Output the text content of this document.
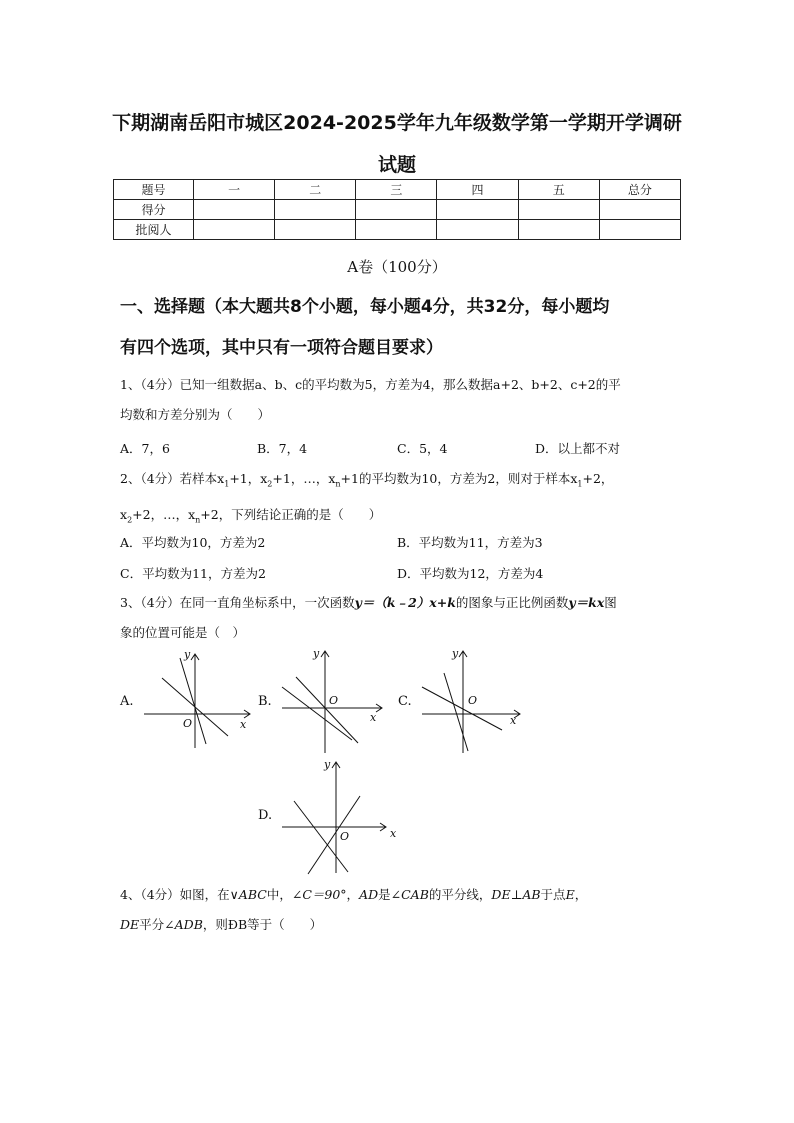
下期湖南岳阳市城区2024-2025学年九年级数学第一学期开学调研
试题
题号	一	二	三	四	五	总分
得分						
批阅人						
A卷（100分）
一、选择题（本大题共8个小题，每小题4分，共32分，每小题均
有四个选项，其中只有一项符合题目要求）
1、（4分）已知一组数据a、b、c的平均数为5，方差为4，那么数据a+2、b+2、c+2的平
均数和方差分别为（　　）
A．7，6	B．7，4	C．5，4	D．以上都不对
2、（4分）若样本$x_1+1$，$x_2+1$，…，$x_n+1$的平均数为10，方差为2，则对于样本$x_1+2$，
$x_2+2$，…，$x_n+2$，下列结论正确的是（　　）
A．平均数为10，方差为2	B．平均数为11，方差为3
C．平均数为11，方差为2	D．平均数为12，方差为4
3、（4分）在同一直角坐标系中，一次函数y＝（k﹣2）x+k的图象与正比例函数y＝kx图
象的位置可能是（　）
A.
x
y
O
B.
x
y
O	C.
x
y
O
D.
x
y
O
4、（4分）如图，在∨ABC中，∠C＝90°，AD是∠CAB的平分线，DE⊥AB于点E，
DE平分∠ADB，则ÐB等于（　　）
